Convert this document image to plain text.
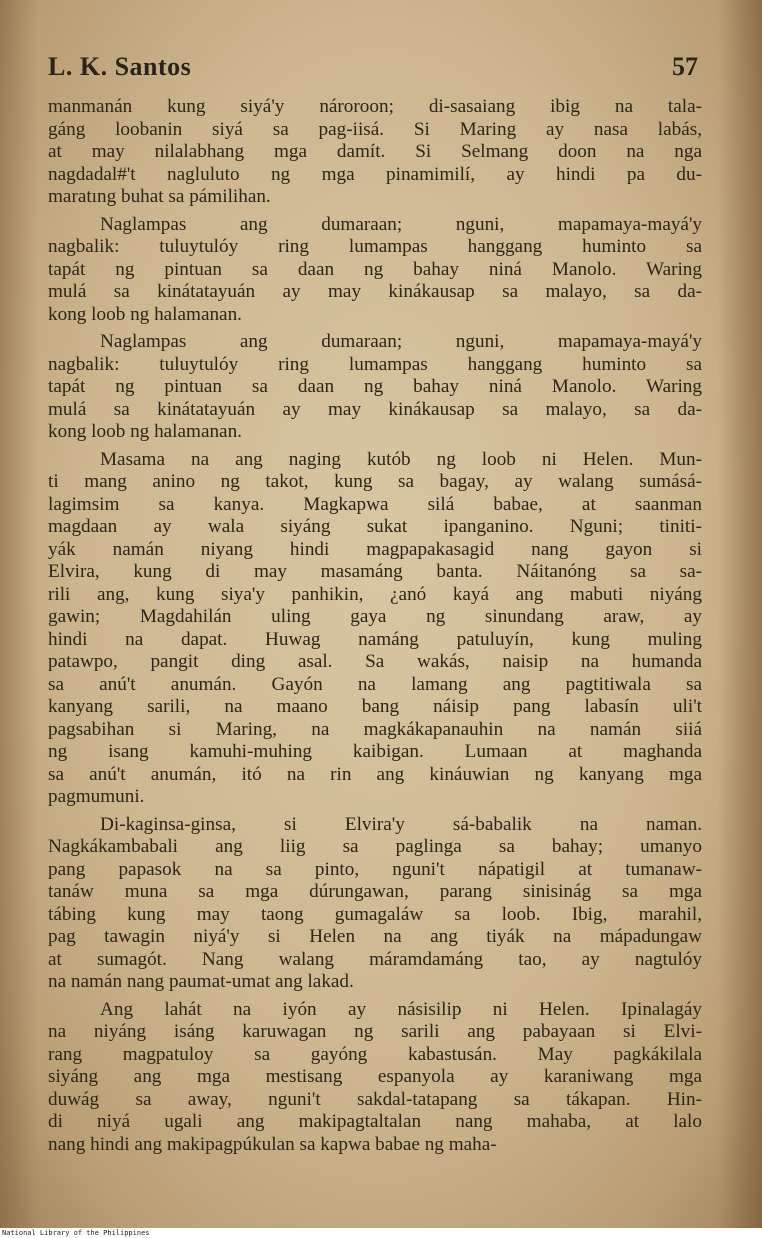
L. K. Santos	57
manmanán kung siyá'y nároroon; di-sasaiang ibig na tala-
gáng loobanin siyá sa pag-iisá. Si Maring ay nasa labás,
at may nilalabhang mga damít. Si Selmang doon na nga
nagdadal#'t nagluluto ng mga pinamimilí, ay hindi pa du-
maratıng buhat sa pámilihan.
Naglampas ang dumaraan; nguni, mapamaya-mayá'y
nagbalik: tuluytulóy ring lumampas hanggang huminto sa
tapát ng pintuan sa daan ng bahay niná Manolo. Waring
mulá sa kinátatayuán ay may kinákausap sa malayo, sa da-
kong loob ng halamanan.
Naglampas ang dumaraan; nguni, mapamaya-mayá'y
nagbalik: tuluytulóy ring lumampas hanggang huminto sa
tapát ng pintuan sa daan ng bahay niná Manolo. Waring
mulá sa kinátatayuán ay may kinákausap sa malayo, sa da-
kong loob ng halamanan.
Masama na ang naging kutób ng loob ni Helen. Mun-
ti mang anino ng takot, kung sa bagay, ay walang sumásá-
lagimsim sa kanya. Magkapwa silá babae, at saanman
magdaan ay wala siyáng sukat ipanganino. Nguni; tiniti-
yák namán niyang hindi magpapakasagid nang gayon si
Elvira, kung di may masamáng banta. Náitanóng sa sa-
rili ang, kung siya'y panhikin, ¿anó kayá ang mabuti niyáng
gawin; Magdahilán uling gaya ng sinundang araw, ay
hindi na dapat. Huwag namáng patuluyín, kung muling
patawpo, pangit ding asal. Sa wakás, naisip na humanda
sa anú't anumán. Gayón na lamang ang pagtitiwala sa
kanyang sarili, na maano bang náisip pang labasín uli't
pagsabihan si Maring, na magkákapanauhin na namán siiá
ng isang kamuhi-muhing kaibigan. Lumaan at maghanda
sa anú't anumán, itó na rin ang kináuwian ng kanyang mga
pagmumuni.
Di-kaginsa-ginsa, si Elvira'y sá-babalik na naman.
Nagkákambabali ang liig sa paglinga sa bahay; umanyo
pang papasok na sa pinto, nguni't nápatigil at tumanaw-
tanáw muna sa mga dúrungawan, parang sinisinág sa mga
tábing kung may taong gumagaláw sa loob. Ibig, marahil,
pag tawagin niyá'y si Helen na ang tiyák na mápadungaw
at sumagót. Nang walang máramdamáng tao, ay nagtulóy
na namán nang paumat-umat ang lakad.
Ang lahát na iyón ay násisilip ni Helen. Ipinalagáy
na niyáng isáng karuwagan ng sarili ang pabayaan si Elvi-
rang magpatuloy sa gayóng kabastusán. May pagkákilala
siyáng ang mga mestisang espanyola ay karaniwang mga
duwág sa away, nguni't sakdal-tatapang sa tákapan. Hin-
di niyá ugali ang makipagtaltalan nang mahaba, at lalo
nang hindi ang makipagpúkulan sa kapwa babae ng maha-
National Library of the Philippines
